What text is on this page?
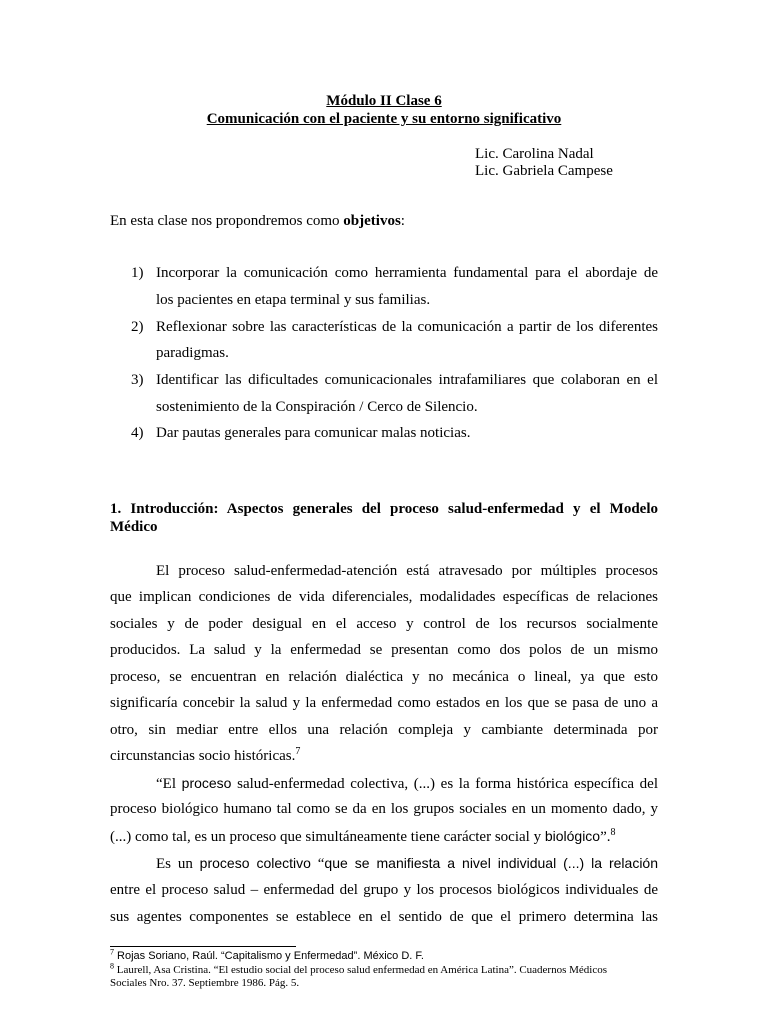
Módulo II Clase 6
Comunicación con el paciente y su entorno significativo
Lic. Carolina Nadal
Lic. Gabriela Campese
En esta clase nos propondremos como objetivos:
1) Incorporar la comunicación como herramienta fundamental para el abordaje de
los pacientes en etapa terminal y sus familias.
2) Reflexionar sobre las características de la comunicación a partir de los diferentes
paradigmas.
3) Identificar las dificultades comunicacionales intrafamiliares que colaboran en el
sostenimiento de la Conspiración / Cerco de Silencio.
4) Dar pautas generales para comunicar malas noticias.
1. Introducción: Aspectos generales del proceso salud-enfermedad y el Modelo
Médico
El proceso salud-enfermedad-atención está atravesado por múltiples procesos
que implican condiciones de vida diferenciales, modalidades específicas de relaciones
sociales y de poder desigual en el acceso y control de los recursos socialmente
producidos. La salud y la enfermedad se presentan como dos polos de un mismo
proceso, se encuentran en relación dialéctica y no mecánica o lineal, ya que esto
significaría concebir la salud y la enfermedad como estados en los que se pasa de uno a
otro, sin mediar entre ellos una relación compleja y cambiante determinada por
circunstancias socio históricas.$^7$
“El proceso salud-enfermedad colectiva, (...) es la forma histórica específica del
proceso biológico humano tal como se da en los grupos sociales en un momento dado, y
(...) como tal, es un proceso que simultáneamente tiene carácter social y biológico”.$^8$
Es un proceso colectivo “que se manifiesta a nivel individual (...) la relación
entre el proceso salud – enfermedad del grupo y los procesos biológicos individuales de
sus agentes componentes se establece en el sentido de que el primero determina las
$^7$ Rojas Soriano, Raúl. “Capitalismo y Enfermedad”. México D. F.
$^8$ Laurell, Asa Cristina. “El estudio social del proceso salud enfermedad en América Latina”. Cuadernos Médicos
Sociales Nro. 37. Septiembre 1986. Pág. 5.
